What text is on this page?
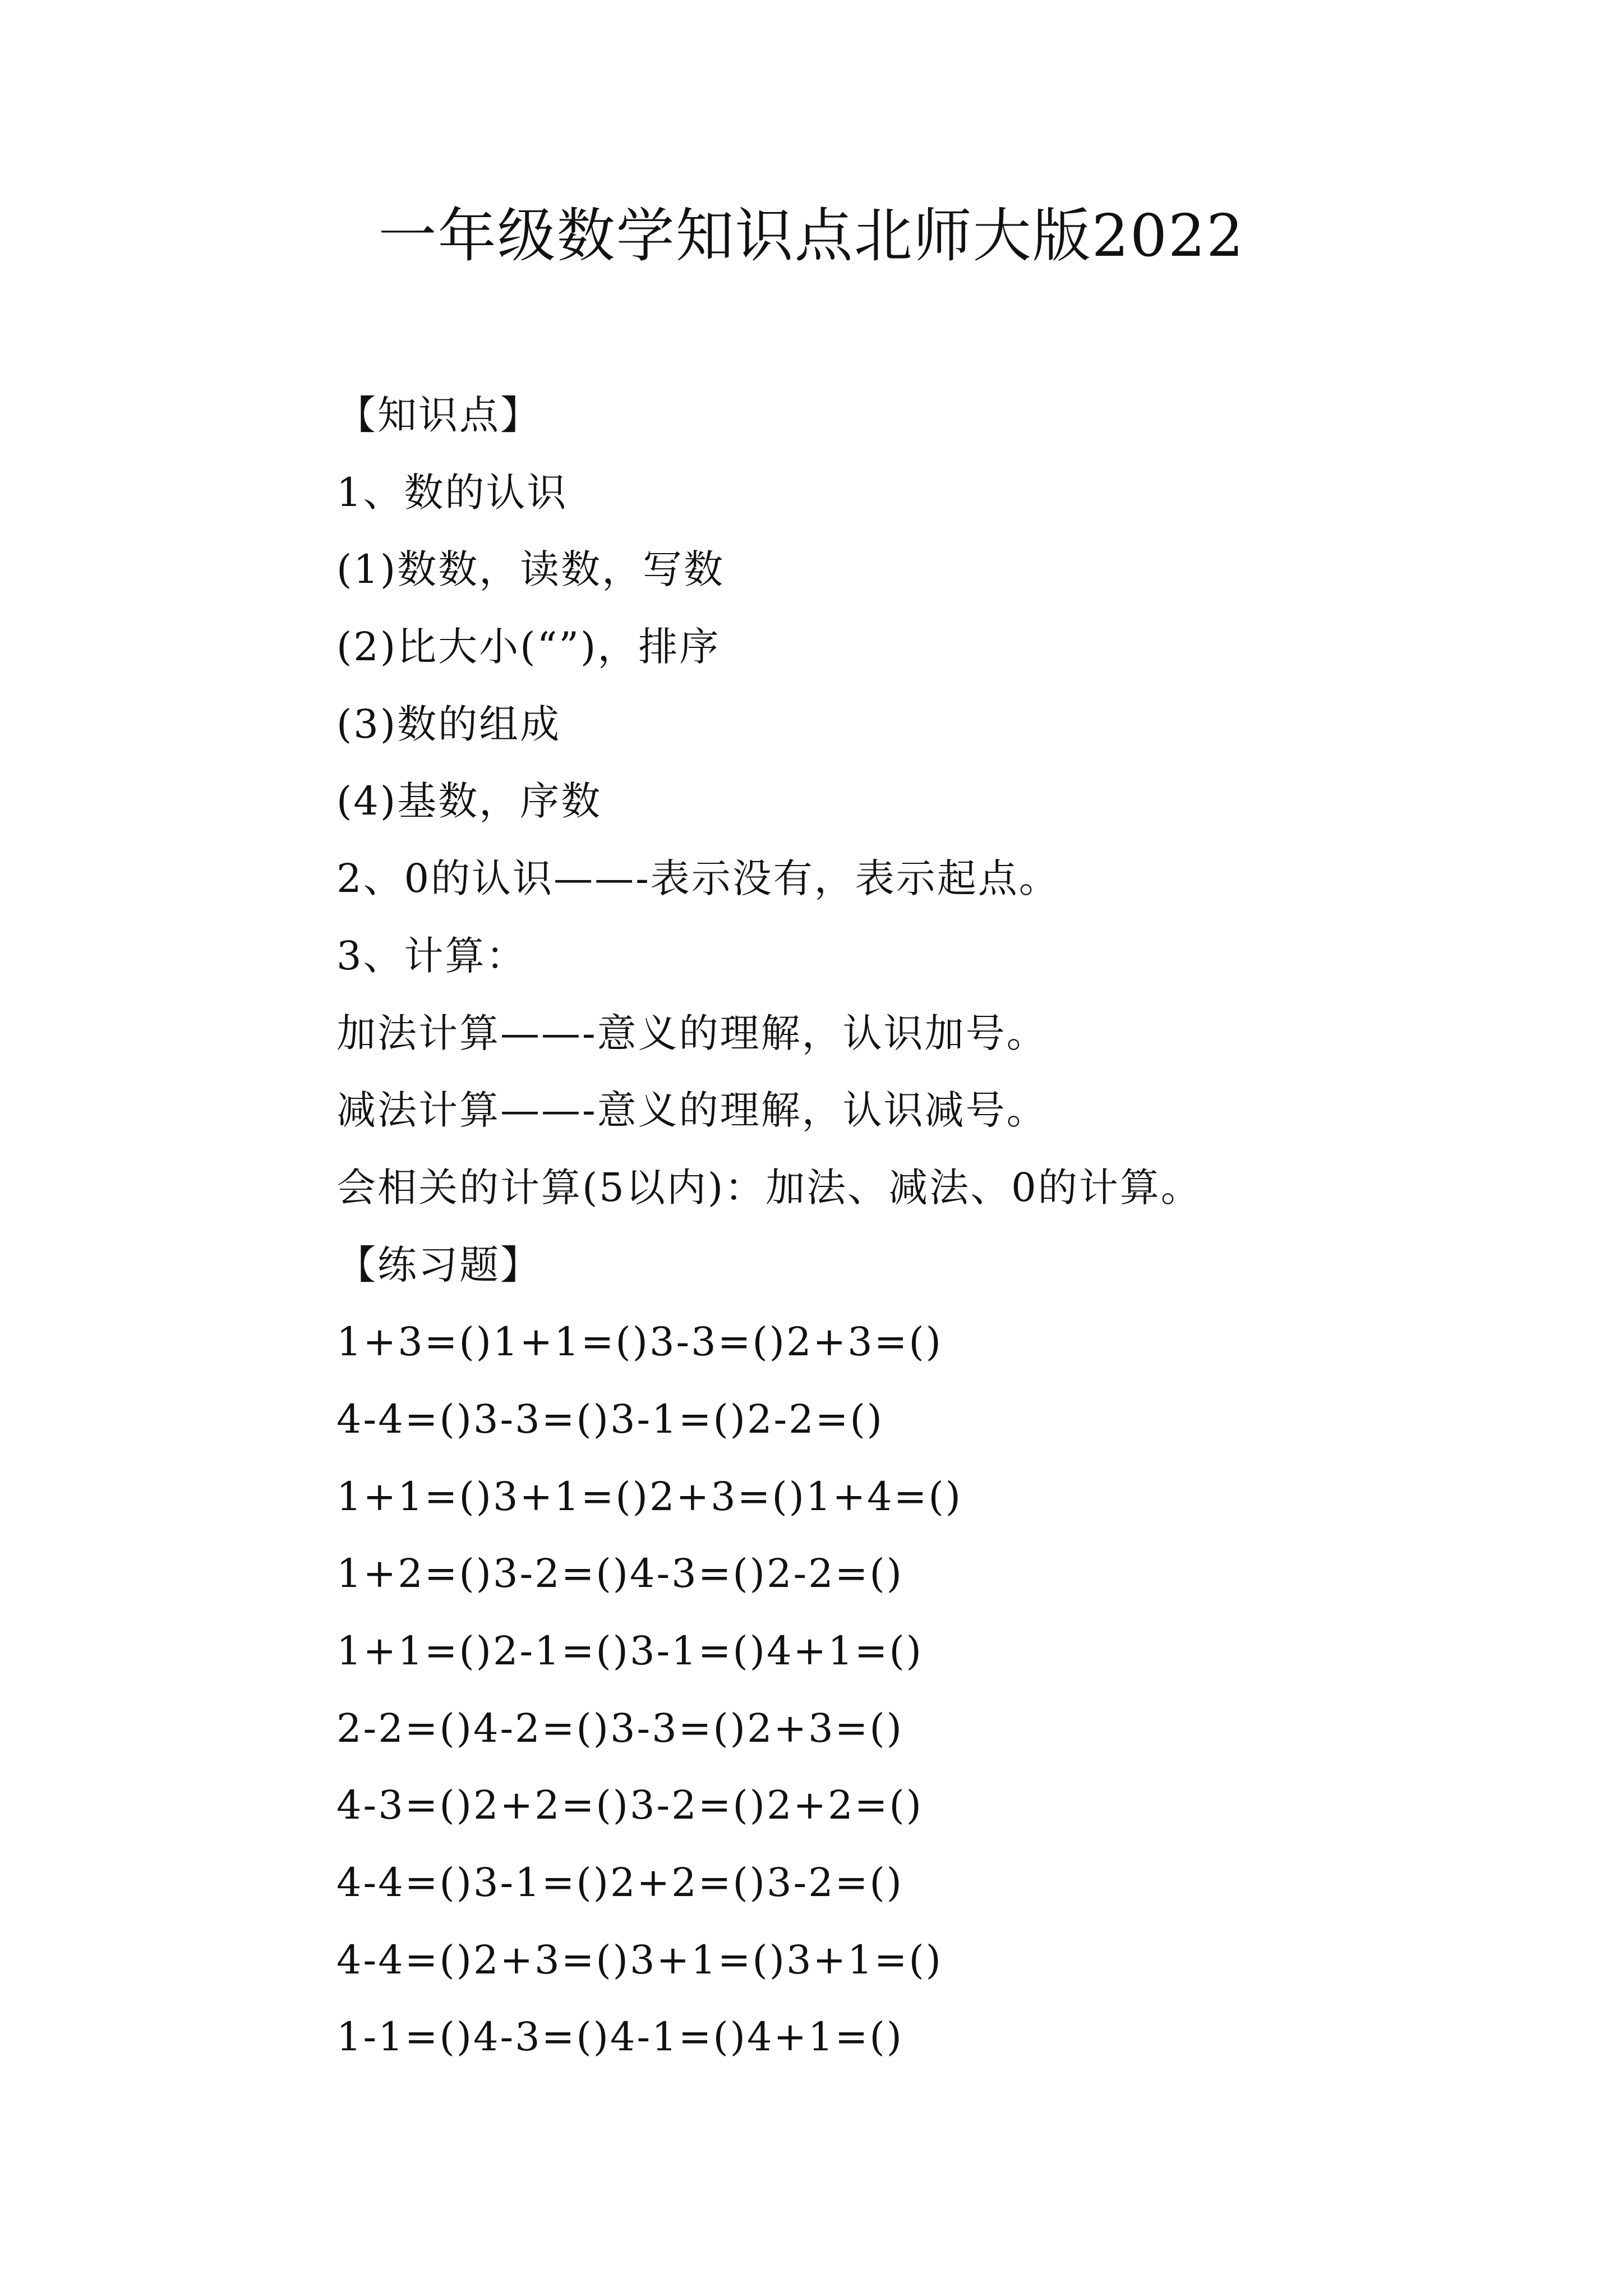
一年级数学知识点北师大版2022
【知识点】
1、数的认识
(1)数数，读数，写数
(2)比大小(“”)，排序
(3)数的组成
(4)基数，序数
2、0的认识——-表示没有，表示起点。
3、计算：
加法计算——-意义的理解，认识加号。
减法计算——-意义的理解，认识减号。
会相关的计算(5以内)：加法、减法、0的计算。
【练习题】
1+3=()1+1=()3-3=()2+3=()
4-4=()3-3=()3-1=()2-2=()
1+1=()3+1=()2+3=()1+4=()
1+2=()3-2=()4-3=()2-2=()
1+1=()2-1=()3-1=()4+1=()
2-2=()4-2=()3-3=()2+3=()
4-3=()2+2=()3-2=()2+2=()
4-4=()3-1=()2+2=()3-2=()
4-4=()2+3=()3+1=()3+1=()
1-1=()4-3=()4-1=()4+1=()
